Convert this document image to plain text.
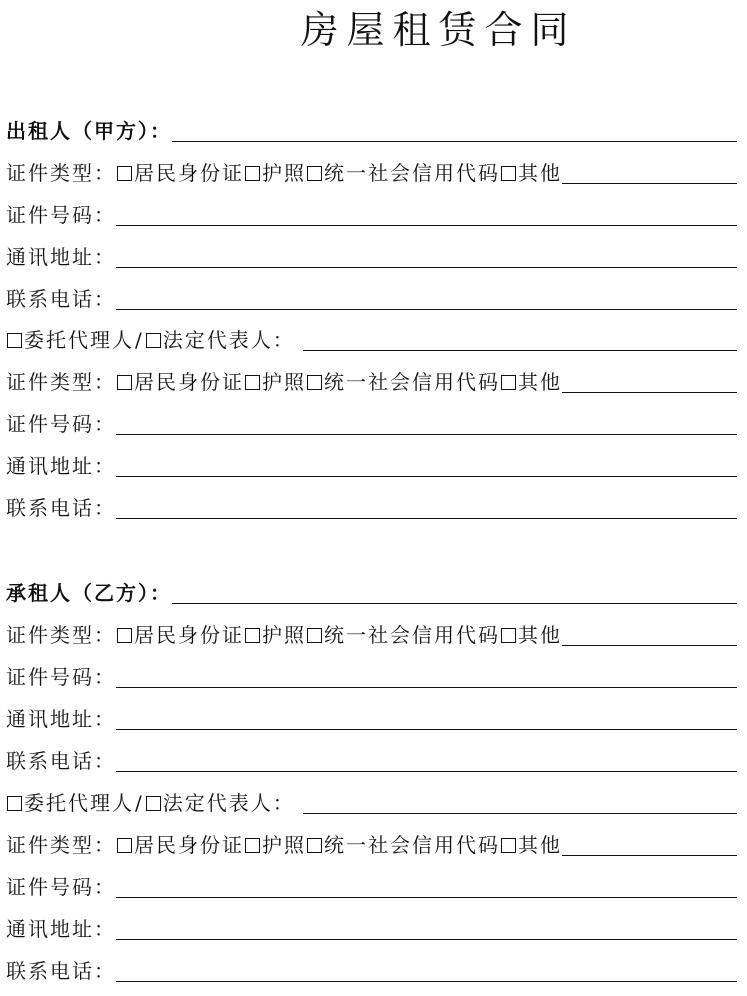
房屋租赁合同
出租人（甲方）：
证件类型： 居民身份证 护照 统一社会信用代码 其他
证件号码：
通讯地址：
联系电话：
委托代理人 / 法定代表人 ：
证件类型： 居民身份证 护照 统一社会信用代码 其他
证件号码：
通讯地址：
联系电话：
承租人（乙方）：
证件类型： 居民身份证 护照 统一社会信用代码 其他
证件号码：
通讯地址：
联系电话：
委托代理人 / 法定代表人 ：
证件类型： 居民身份证 护照 统一社会信用代码 其他
证件号码：
通讯地址：
联系电话：
